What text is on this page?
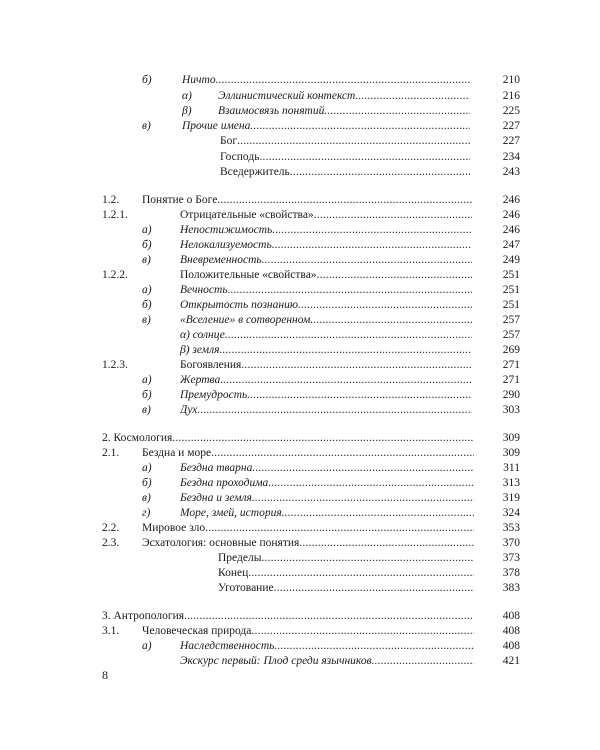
б)	Ничто .....	210
α) Эллинистический контекст .....	216
β) Взаимосвязь понятий .....	225
в)	Прочие имена .....	227
Бог .....	227
Господь .....	234
Вседержитель .....	243
1.2. Понятие о Боге .....	246
1.2.1.	Отрицательные «свойства» .....	246
а) Непостижимость .....	246
б) Нелокализуемость .....	247
в)	Вневременность .....	249
1.2.2.	Положительные «свойства» .....	251
а) Вечность .....	251
б) Открытость познанию .....	251
в)	«Вселение» в сотворенном .....	257
α) солнце .....	257
β) земля .....	269
1.2.3.	Богоявления .....	271
а) Жертва .....	271
б) Премудрость .....	290
в)	Дух .....	303
2. Космология .....	309
2.1. Бездна и море .....	309
а) Бездна тварна .....	311
б) Бездна проходима .....	313
в)	Бездна и земля .....	319
г)	Море, змей, история .....	324
2.2. Мировое зло .....	353
2.3. Эсхатология: основные понятия .....	370
Пределы .....	373
Конец .....	378
Уготование .....	383
3. Антропология .....	408
3.1. Человеческая природа .....	408
а) Наследственность .....	408
Экскурс первый: Плод среди язычников .....	421
8
